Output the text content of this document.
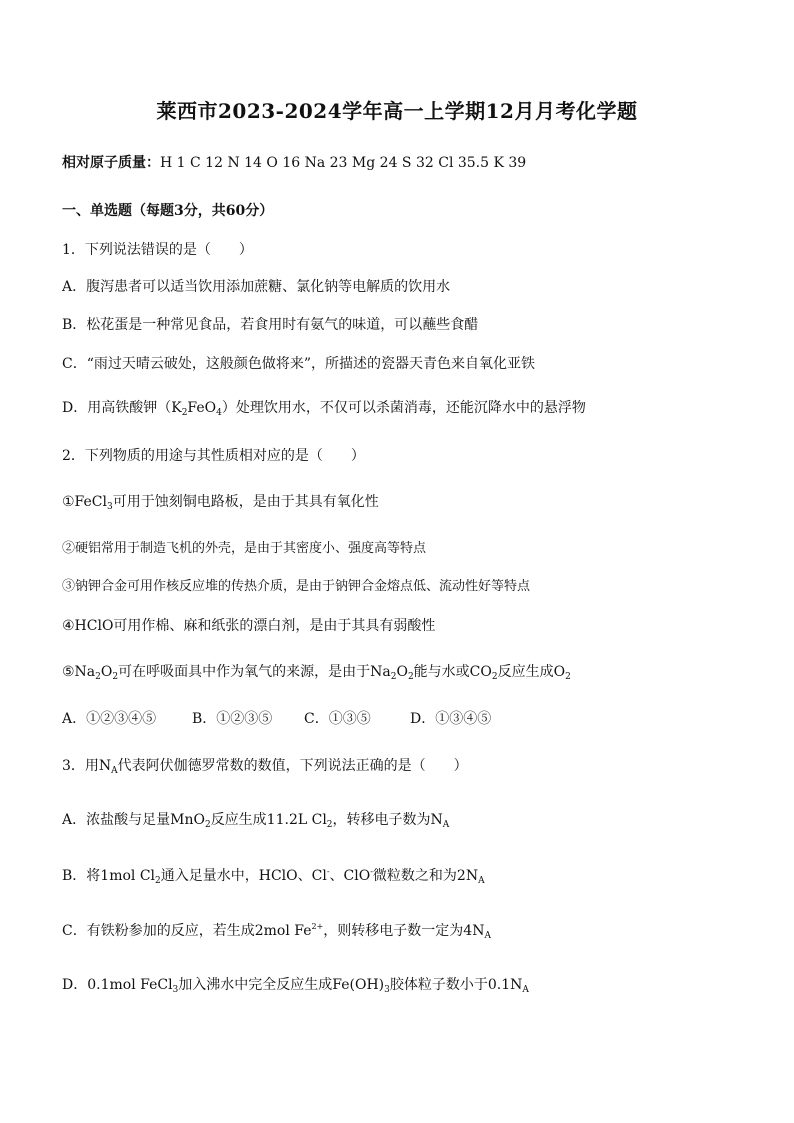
莱西市2023-2024学年高一上学期12月月考化学题
相对原子质量：H 1 C 12 N 14 O 16 Na 23 Mg 24 S 32 Cl 35.5 K 39
一、单选题（每题3分，共60分）
1．下列说法错误的是（　　）
A．腹泻患者可以适当饮用添加蔗糖、氯化钠等电解质的饮用水
B．松花蛋是一种常见食品，若食用时有氨气的味道，可以蘸些食醋
C．“雨过天晴云破处，这般颜色做将来”，所描述的瓷器天青色来自氧化亚铁
D．用高铁酸钾$(K_2FeO_4)$处理饮用水，不仅可以杀菌消毒，还能沉降水中的悬浮物
2．下列物质的用途与其性质相对应的是（　　）
①FeCl$_3$可用于蚀刻铜电路板，是由于其具有氧化性
②硬铝常用于制造飞机的外壳，是由于其密度小、强度高等特点
③钠钾合金可用作核反应堆的传热介质，是由于钠钾合金熔点低、流动性好等特点
④HClO可用作棉、麻和纸张的漂白剂，是由于其具有弱酸性
$⑤Na_2O_2$可在呼吸面具中作为氧气的来源，是由于$Na_2O_2$能与水或$CO_2$反应生成$O_2$
A．①②③④⑤	B．①②③⑤ C．①③⑤	D．①③④⑤
3．用$N_A$代表阿伏伽德罗常数的数值，下列说法正确的是（　　）
A．浓盐酸与足量MnO$_2$反应生成11.2L $Cl_2$，转移电子数为$N_A$
B．将1mol $Cl_2$通入足量水中，HClO、Cl-、ClO-微粒数之和为$2N_A$
C．有铁粉参加的反应，若生成2mol $Fe^{2+}$，则转移电子数一定为$4N_A$
D．0.1mol FeCl$_3$加入沸水中完全反应生成$Fe(OH)_3$胶体粒子数小于$0.1N_A$
